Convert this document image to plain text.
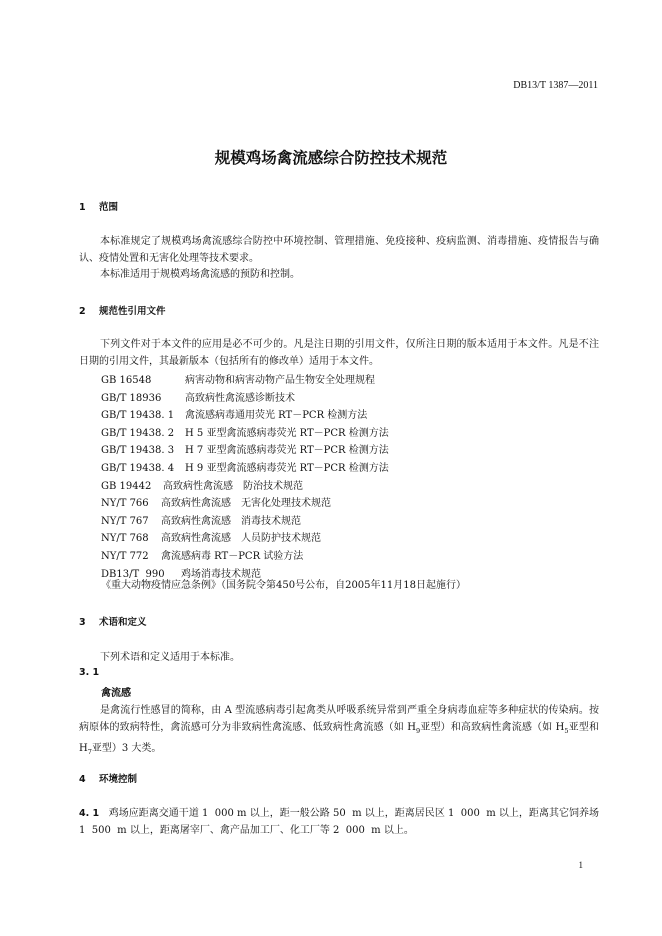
DB13/T 1387—2011
规模鸡场禽流感综合防控技术规范
1 范围
本标准规定了规模鸡场禽流感综合防控中环境控制、管理措施、免疫接种、疫病监测、消毒措施、疫情报告与确认、疫情处置和无害化处理等技术要求。
本标准适用于规模鸡场禽流感的预防和控制。
2 规范性引用文件
下列文件对于本文件的应用是必不可少的。凡是注日期的引用文件，仅所注日期的版本适用于本文件。凡是不注日期的引用文件，其最新版本（包括所有的修改单）适用于本文件。
GB 16548	病害动物和病害动物产品生物安全处理规程
GB/T 18936 高致病性禽流感诊断技术
GB/T 19438. 1 禽流感病毒通用荧光 RT－PCR 检测方法
GB/T 19438. 2 H 5 亚型禽流感病毒荧光 RT－PCR 检测方法
GB/T 19438. 3 H 7 亚型禽流感病毒荧光 RT－PCR 检测方法
GB/T 19438. 4 H 9 亚型禽流感病毒荧光 RT－PCR 检测方法
GB 19442 高致病性禽流感　防治技术规范
NY/T 766 高致病性禽流感　无害化处理技术规范
NY/T 767 高致病性禽流感　消毒技术规范
NY/T 768 高致病性禽流感　人员防护技术规范
NY/T 772 禽流感病毒 RT－PCR 试验方法
DB13/T  990 鸡场消毒技术规范
《重大动物疫情应急条例》（国务院令第450号公布，自2005年11月18日起施行）
3 术语和定义
下列术语和定义适用于本标准。
3. 1
禽流感
是禽流行性感冒的简称，由 A 型流感病毒引起禽类从呼吸系统异常到严重全身病毒血症等多种症状的传染病。按病原体的致病特性，禽流感可分为非致病性禽流感、低致病性禽流感（如 $H_9$亚型）和高致病性禽流感（如 $H_5$亚型和 $H_7$亚型）3 大类。
4 环境控制
4. 1 鸡场应距离交通干道 1  000 m 以上，距一般公路 50  m 以上，距离居民区 1  000  m 以上，距离其它饲养场 1  500  m 以上，距离屠宰厂、禽产品加工厂、化工厂等 2  000  m 以上。
1
